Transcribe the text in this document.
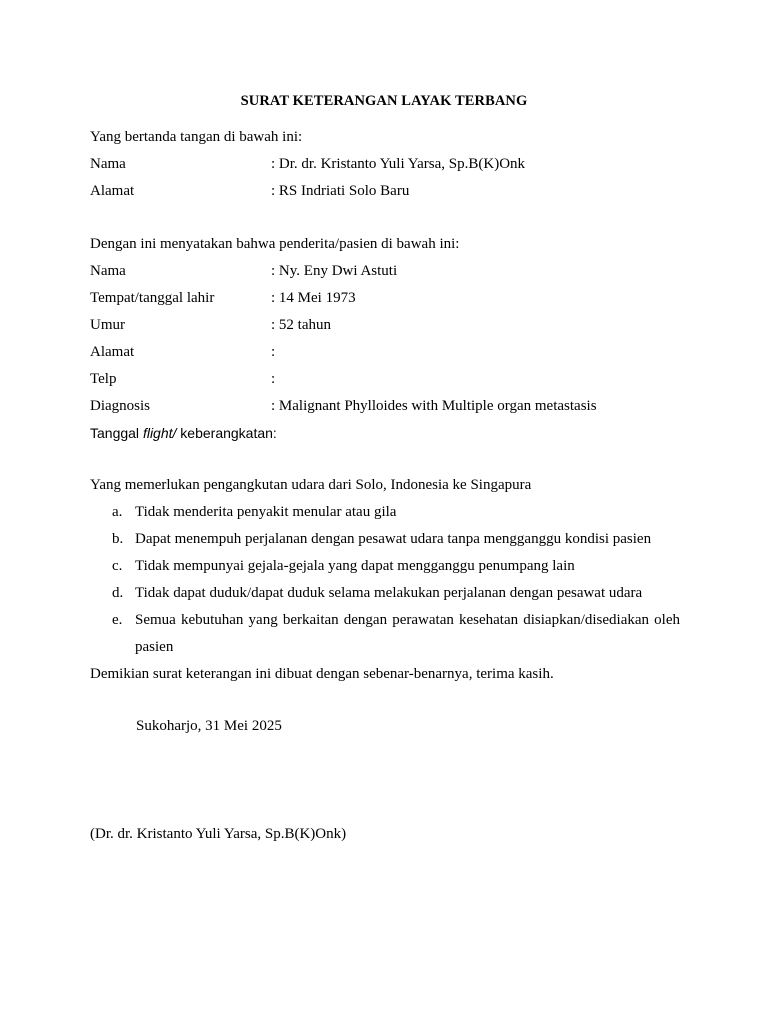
SURAT KETERANGAN LAYAK TERBANG
Yang bertanda tangan di bawah ini:
Nama	: Dr. dr. Kristanto Yuli Yarsa, Sp.B(K)Onk
Alamat	: RS Indriati Solo Baru
Dengan ini menyatakan bahwa penderita/pasien di bawah ini:
Nama	: Ny. Eny Dwi Astuti
Tempat/tanggal lahir	: 14 Mei 1973
Umur	: 52 tahun
Alamat	:
Telp	:
Diagnosis	: Malignant Phylloides with Multiple organ metastasis
Tanggal flight/ keberangkatan:
Yang memerlukan pengangkutan udara dari Solo, Indonesia ke Singapura
a. Tidak menderita penyakit menular atau gila
b. Dapat menempuh perjalanan dengan pesawat udara tanpa mengganggu kondisi pasien
c. Tidak mempunyai gejala-gejala yang dapat mengganggu penumpang lain
d. Tidak dapat duduk/dapat duduk selama melakukan perjalanan dengan pesawat udara
e. Semua kebutuhan yang berkaitan dengan perawatan kesehatan disiapkan/disediakan oleh
pasien
Demikian surat keterangan ini dibuat dengan sebenar-benarnya, terima kasih.
Sukoharjo, 31 Mei 2025
(Dr. dr. Kristanto Yuli Yarsa, Sp.B(K)Onk)
